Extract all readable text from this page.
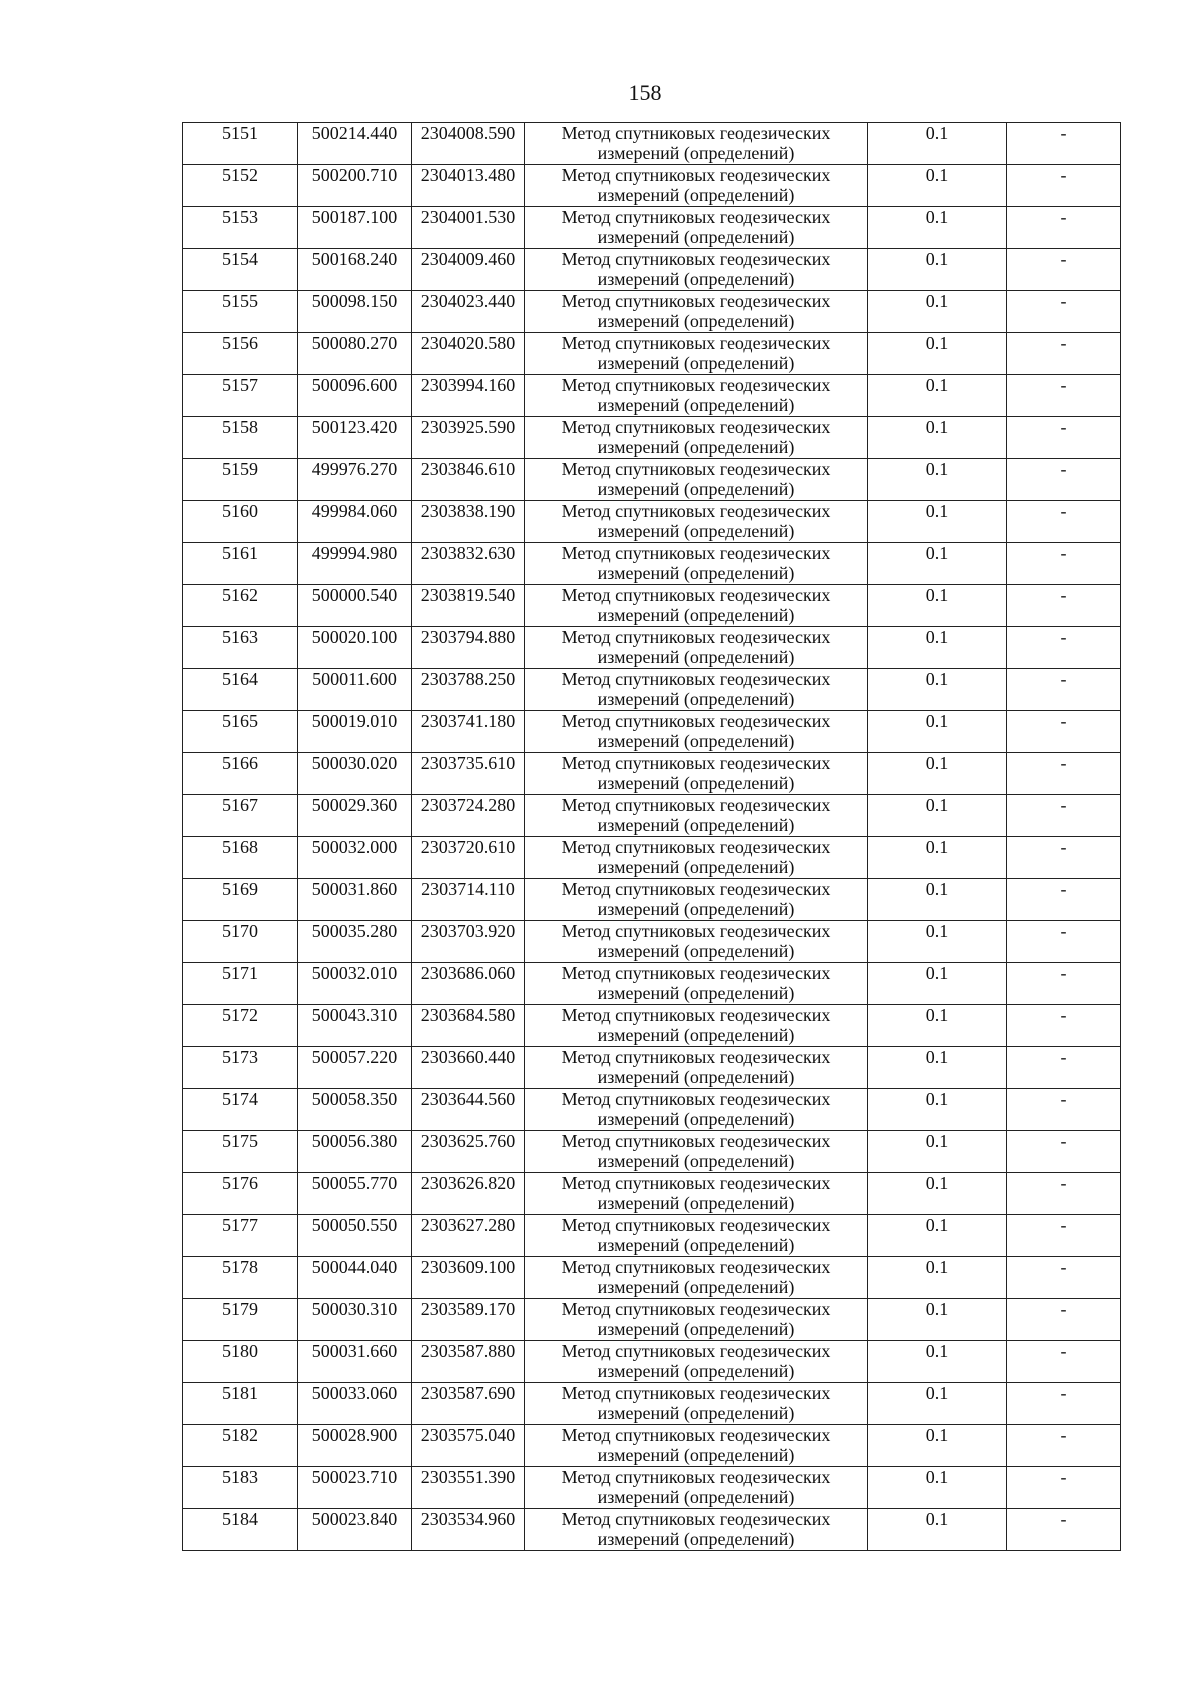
158
5151	500214.440	2304008.590	Метод спутниковых геодезических измерений (определений)	0.1	-
5152	500200.710	2304013.480	Метод спутниковых геодезических измерений (определений)	0.1	-
5153	500187.100	2304001.530	Метод спутниковых геодезических измерений (определений)	0.1	-
5154	500168.240	2304009.460	Метод спутниковых геодезических измерений (определений)	0.1	-
5155	500098.150	2304023.440	Метод спутниковых геодезических измерений (определений)	0.1	-
5156	500080.270	2304020.580	Метод спутниковых геодезических измерений (определений)	0.1	-
5157	500096.600	2303994.160	Метод спутниковых геодезических измерений (определений)	0.1	-
5158	500123.420	2303925.590	Метод спутниковых геодезических измерений (определений)	0.1	-
5159	499976.270	2303846.610	Метод спутниковых геодезических измерений (определений)	0.1	-
5160	499984.060	2303838.190	Метод спутниковых геодезических измерений (определений)	0.1	-
5161	499994.980	2303832.630	Метод спутниковых геодезических измерений (определений)	0.1	-
5162	500000.540	2303819.540	Метод спутниковых геодезических измерений (определений)	0.1	-
5163	500020.100	2303794.880	Метод спутниковых геодезических измерений (определений)	0.1	-
5164	500011.600	2303788.250	Метод спутниковых геодезических измерений (определений)	0.1	-
5165	500019.010	2303741.180	Метод спутниковых геодезических измерений (определений)	0.1	-
5166	500030.020	2303735.610	Метод спутниковых геодезических измерений (определений)	0.1	-
5167	500029.360	2303724.280	Метод спутниковых геодезических измерений (определений)	0.1	-
5168	500032.000	2303720.610	Метод спутниковых геодезических измерений (определений)	0.1	-
5169	500031.860	2303714.110	Метод спутниковых геодезических измерений (определений)	0.1	-
5170	500035.280	2303703.920	Метод спутниковых геодезических измерений (определений)	0.1	-
5171	500032.010	2303686.060	Метод спутниковых геодезических измерений (определений)	0.1	-
5172	500043.310	2303684.580	Метод спутниковых геодезических измерений (определений)	0.1	-
5173	500057.220	2303660.440	Метод спутниковых геодезических измерений (определений)	0.1	-
5174	500058.350	2303644.560	Метод спутниковых геодезических измерений (определений)	0.1	-
5175	500056.380	2303625.760	Метод спутниковых геодезических измерений (определений)	0.1	-
5176	500055.770	2303626.820	Метод спутниковых геодезических измерений (определений)	0.1	-
5177	500050.550	2303627.280	Метод спутниковых геодезических измерений (определений)	0.1	-
5178	500044.040	2303609.100	Метод спутниковых геодезических измерений (определений)	0.1	-
5179	500030.310	2303589.170	Метод спутниковых геодезических измерений (определений)	0.1	-
5180	500031.660	2303587.880	Метод спутниковых геодезических измерений (определений)	0.1	-
5181	500033.060	2303587.690	Метод спутниковых геодезических измерений (определений)	0.1	-
5182	500028.900	2303575.040	Метод спутниковых геодезических измерений (определений)	0.1	-
5183	500023.710	2303551.390	Метод спутниковых геодезических измерений (определений)	0.1	-
5184	500023.840	2303534.960	Метод спутниковых геодезических измерений (определений)	0.1	-
